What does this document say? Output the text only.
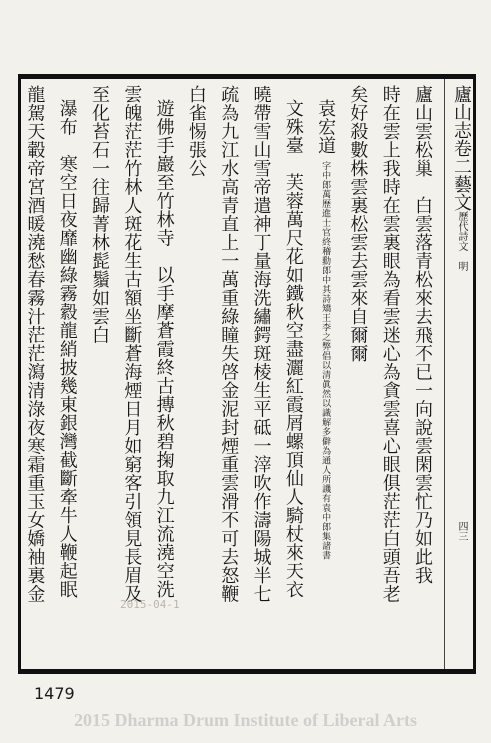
廬山志卷二藝文歷代詩文明四三
廬山雲松巢　白雲落青松來去飛不已一向說雲閑雲忙乃如此我
時在雲上我時在雲裏眼為看雲迷心為貪雲喜心眼俱茫茫白頭吾老
矣好殺數株雲裏松雲去雲來自爾爾
袁宏道字中郎萬歷進士官終稽勳郎中其詩矯王李之弊倡以清眞然以識解多僻為通人所譏有袁中郎集諸書
文殊臺　芙蓉萬尺花如鐵秋空盡灑紅霞屑螺頂仙人騎杖來天衣
曉帶雪山雪帝遣神丁量海洗繡鍔斑棱生平砥一滓吹作濤陽城半七
疏為九江水高青直上一萬重綠瞳失啓金泥封煙重雲滑不可去怒鞭
白雀惕張公
遊佛手巖至竹林寺　以手摩蒼霞終古摶秋碧掬取九江流澆空洗
雲魄茫茫竹林人斑花生古額坐斷蒼海煙日月如窮客引領見長眉及
至化苔石一往歸菁林髭鬚如雲白
瀑布　寒空日夜靡幽綠霧縠龍綃披幾東銀灣截斷牽牛人鞭起眠
龍駕天轂帝宮酒暖澆愁春霧汁茫茫瀉清淥夜寒霜重玉女嬌袖裏金
2015-04-1
1479
2015 Dharma Drum Institute of Liberal Arts
